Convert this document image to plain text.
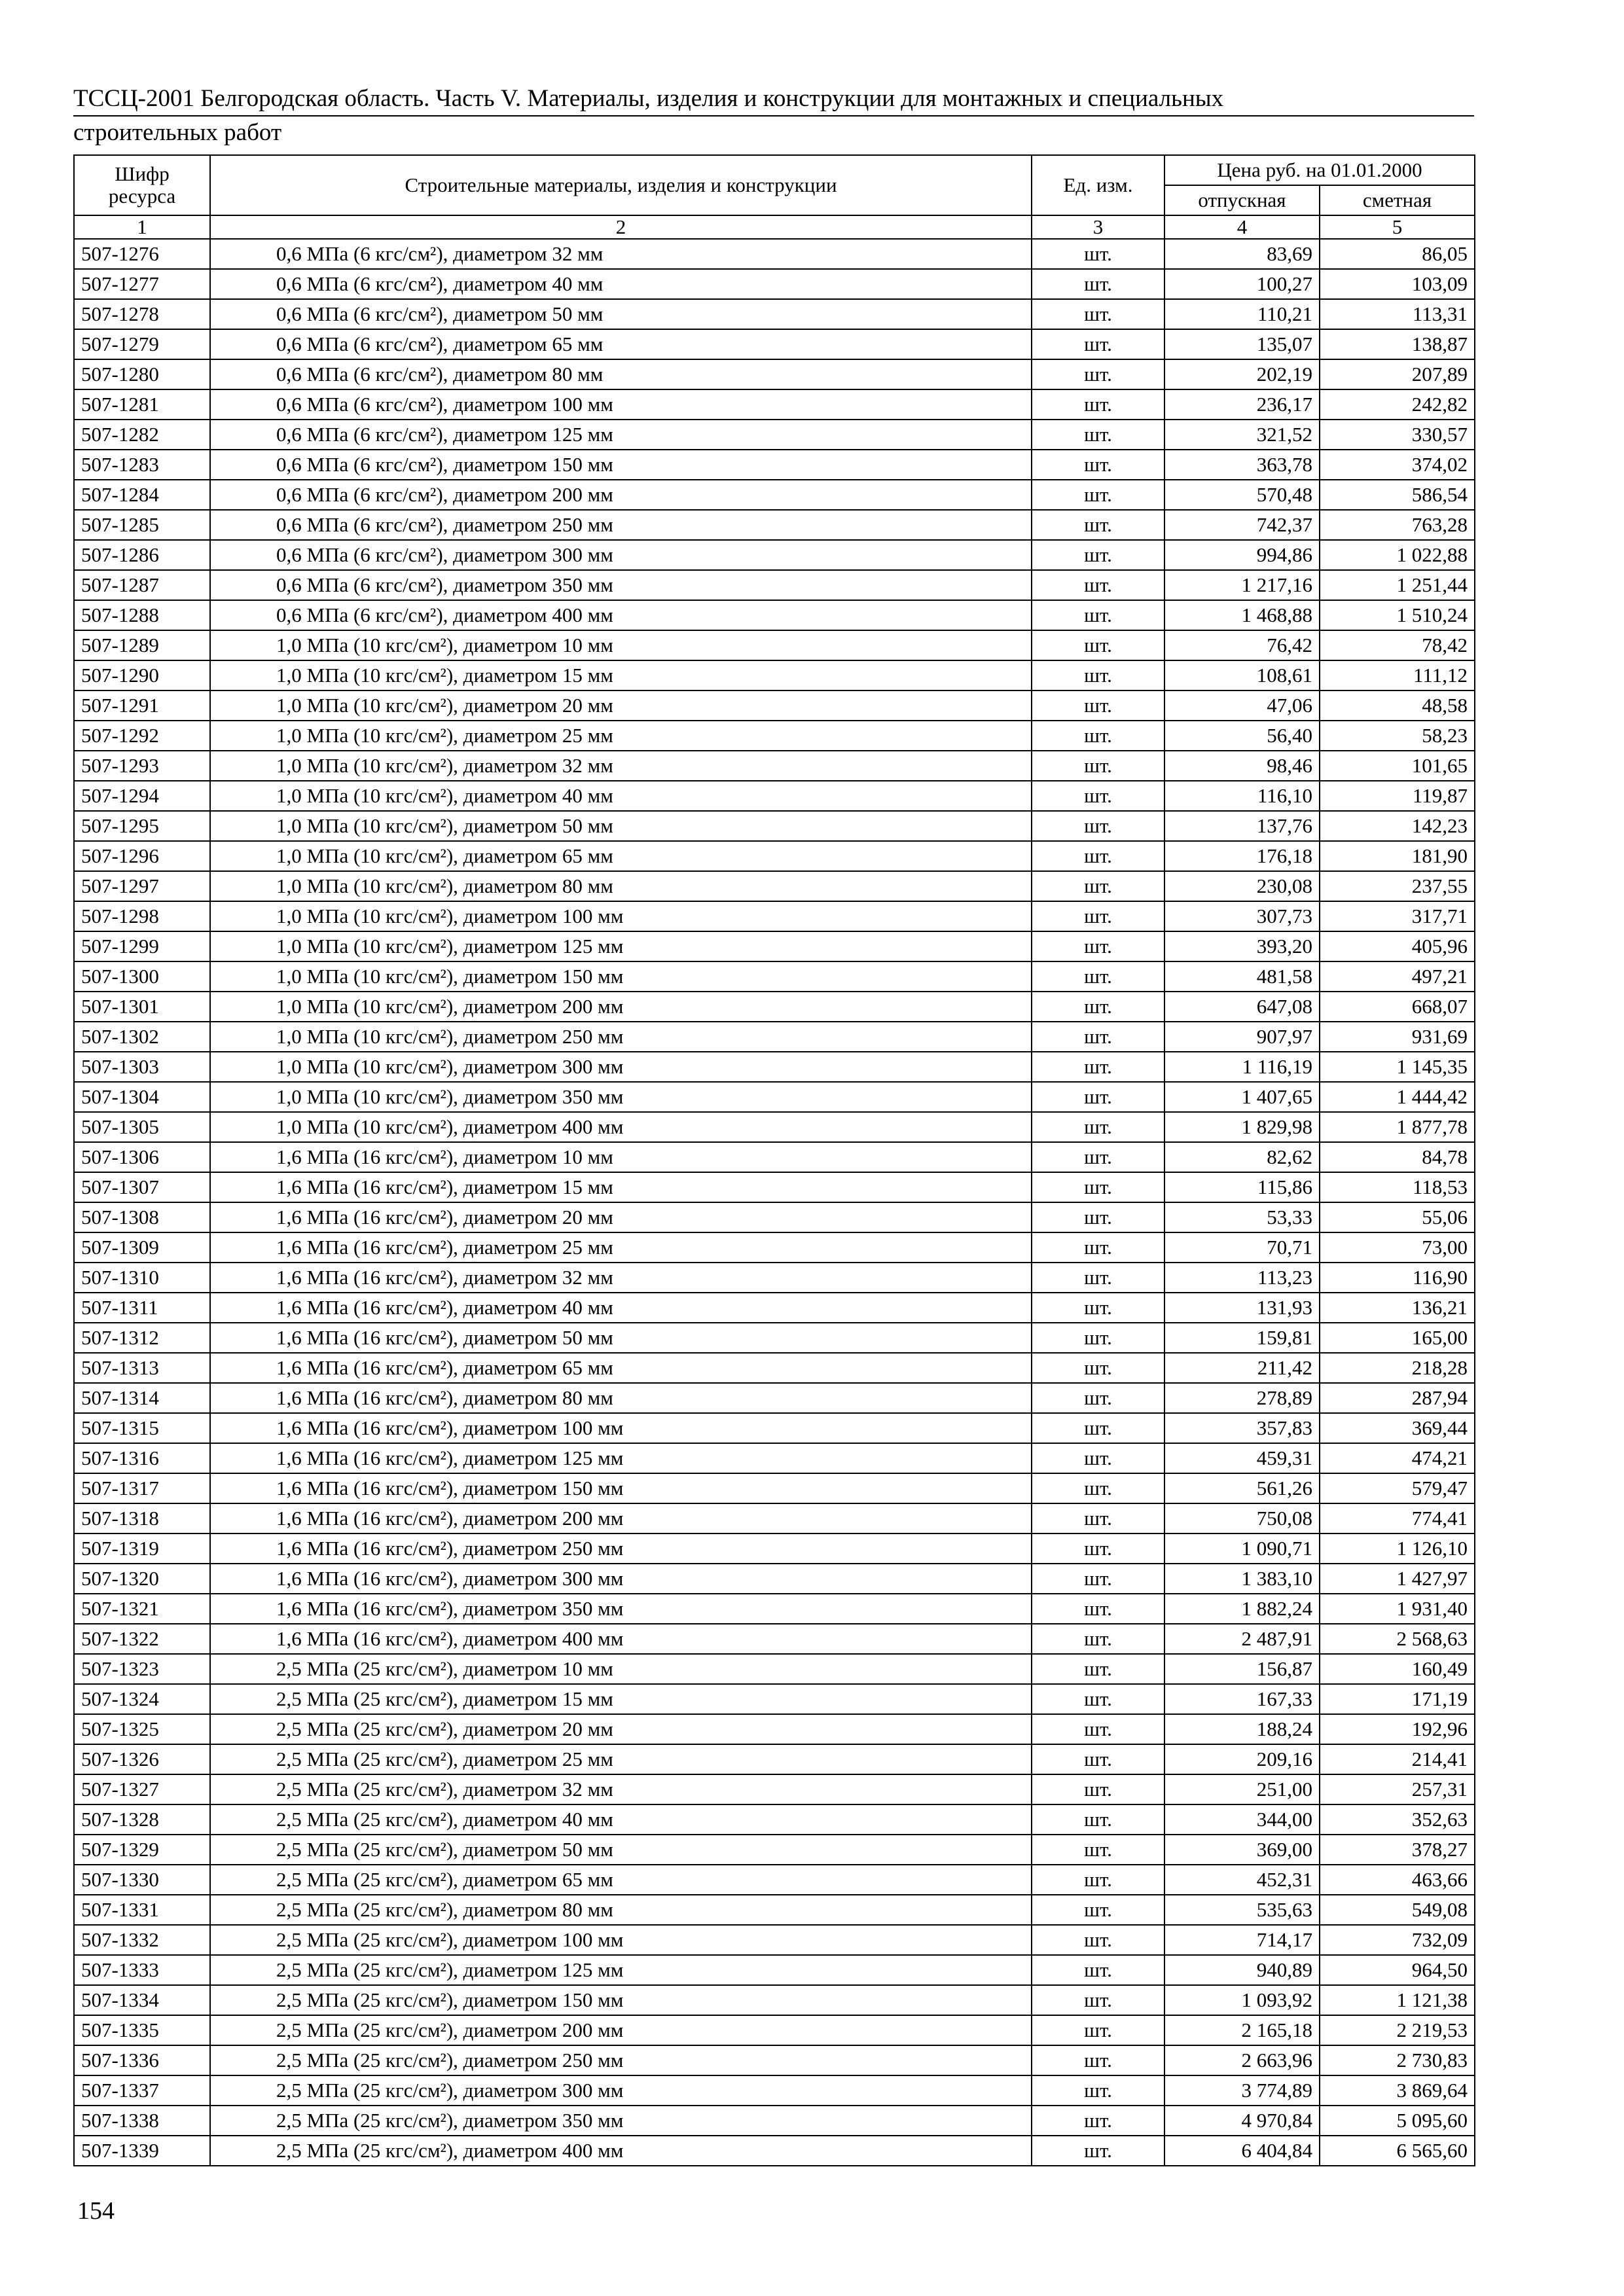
ТССЦ-2001 Белгородская область. Часть V. Материалы, изделия и конструкции для монтажных и специальных
строительных работ
Шифр ресурса	Строительные материалы, изделия и конструкции	Ед. изм.	Цена руб. на 01.01.2000	
			отпускная	сметная
1	2	3	4	5
507-1276	0,6 МПа (6 кгс/см²), диаметром 32 мм	шт.	83,69	86,05
507-1277	0,6 МПа (6 кгс/см²), диаметром 40 мм	шт.	100,27	103,09
507-1278	0,6 МПа (6 кгс/см²), диаметром 50 мм	шт.	110,21	113,31
507-1279	0,6 МПа (6 кгс/см²), диаметром 65 мм	шт.	135,07	138,87
507-1280	0,6 МПа (6 кгс/см²), диаметром 80 мм	шт.	202,19	207,89
507-1281	0,6 МПа (6 кгс/см²), диаметром 100 мм	шт.	236,17	242,82
507-1282	0,6 МПа (6 кгс/см²), диаметром 125 мм	шт.	321,52	330,57
507-1283	0,6 МПа (6 кгс/см²), диаметром 150 мм	шт.	363,78	374,02
507-1284	0,6 МПа (6 кгс/см²), диаметром 200 мм	шт.	570,48	586,54
507-1285	0,6 МПа (6 кгс/см²), диаметром 250 мм	шт.	742,37	763,28
507-1286	0,6 МПа (6 кгс/см²), диаметром 300 мм	шт.	994,86	1 022,88
507-1287	0,6 МПа (6 кгс/см²), диаметром 350 мм	шт.	1 217,16	1 251,44
507-1288	0,6 МПа (6 кгс/см²), диаметром 400 мм	шт.	1 468,88	1 510,24
507-1289	1,0 МПа (10 кгс/см²), диаметром 10 мм	шт.	76,42	78,42
507-1290	1,0 МПа (10 кгс/см²), диаметром 15 мм	шт.	108,61	111,12
507-1291	1,0 МПа (10 кгс/см²), диаметром 20 мм	шт.	47,06	48,58
507-1292	1,0 МПа (10 кгс/см²), диаметром 25 мм	шт.	56,40	58,23
507-1293	1,0 МПа (10 кгс/см²), диаметром 32 мм	шт.	98,46	101,65
507-1294	1,0 МПа (10 кгс/см²), диаметром 40 мм	шт.	116,10	119,87
507-1295	1,0 МПа (10 кгс/см²), диаметром 50 мм	шт.	137,76	142,23
507-1296	1,0 МПа (10 кгс/см²), диаметром 65 мм	шт.	176,18	181,90
507-1297	1,0 МПа (10 кгс/см²), диаметром 80 мм	шт.	230,08	237,55
507-1298	1,0 МПа (10 кгс/см²), диаметром 100 мм	шт.	307,73	317,71
507-1299	1,0 МПа (10 кгс/см²), диаметром 125 мм	шт.	393,20	405,96
507-1300	1,0 МПа (10 кгс/см²), диаметром 150 мм	шт.	481,58	497,21
507-1301	1,0 МПа (10 кгс/см²), диаметром 200 мм	шт.	647,08	668,07
507-1302	1,0 МПа (10 кгс/см²), диаметром 250 мм	шт.	907,97	931,69
507-1303	1,0 МПа (10 кгс/см²), диаметром 300 мм	шт.	1 116,19	1 145,35
507-1304	1,0 МПа (10 кгс/см²), диаметром 350 мм	шт.	1 407,65	1 444,42
507-1305	1,0 МПа (10 кгс/см²), диаметром 400 мм	шт.	1 829,98	1 877,78
507-1306	1,6 МПа (16 кгс/см²), диаметром 10 мм	шт.	82,62	84,78
507-1307	1,6 МПа (16 кгс/см²), диаметром 15 мм	шт.	115,86	118,53
507-1308	1,6 МПа (16 кгс/см²), диаметром 20 мм	шт.	53,33	55,06
507-1309	1,6 МПа (16 кгс/см²), диаметром 25 мм	шт.	70,71	73,00
507-1310	1,6 МПа (16 кгс/см²), диаметром 32 мм	шт.	113,23	116,90
507-1311	1,6 МПа (16 кгс/см²), диаметром 40 мм	шт.	131,93	136,21
507-1312	1,6 МПа (16 кгс/см²), диаметром 50 мм	шт.	159,81	165,00
507-1313	1,6 МПа (16 кгс/см²), диаметром 65 мм	шт.	211,42	218,28
507-1314	1,6 МПа (16 кгс/см²), диаметром 80 мм	шт.	278,89	287,94
507-1315	1,6 МПа (16 кгс/см²), диаметром 100 мм	шт.	357,83	369,44
507-1316	1,6 МПа (16 кгс/см²), диаметром 125 мм	шт.	459,31	474,21
507-1317	1,6 МПа (16 кгс/см²), диаметром 150 мм	шт.	561,26	579,47
507-1318	1,6 МПа (16 кгс/см²), диаметром 200 мм	шт.	750,08	774,41
507-1319	1,6 МПа (16 кгс/см²), диаметром 250 мм	шт.	1 090,71	1 126,10
507-1320	1,6 МПа (16 кгс/см²), диаметром 300 мм	шт.	1 383,10	1 427,97
507-1321	1,6 МПа (16 кгс/см²), диаметром 350 мм	шт.	1 882,24	1 931,40
507-1322	1,6 МПа (16 кгс/см²), диаметром 400 мм	шт.	2 487,91	2 568,63
507-1323	2,5 МПа (25 кгс/см²), диаметром 10 мм	шт.	156,87	160,49
507-1324	2,5 МПа (25 кгс/см²), диаметром 15 мм	шт.	167,33	171,19
507-1325	2,5 МПа (25 кгс/см²), диаметром 20 мм	шт.	188,24	192,96
507-1326	2,5 МПа (25 кгс/см²), диаметром 25 мм	шт.	209,16	214,41
507-1327	2,5 МПа (25 кгс/см²), диаметром 32 мм	шт.	251,00	257,31
507-1328	2,5 МПа (25 кгс/см²), диаметром 40 мм	шт.	344,00	352,63
507-1329	2,5 МПа (25 кгс/см²), диаметром 50 мм	шт.	369,00	378,27
507-1330	2,5 МПа (25 кгс/см²), диаметром 65 мм	шт.	452,31	463,66
507-1331	2,5 МПа (25 кгс/см²), диаметром 80 мм	шт.	535,63	549,08
507-1332	2,5 МПа (25 кгс/см²), диаметром 100 мм	шт.	714,17	732,09
507-1333	2,5 МПа (25 кгс/см²), диаметром 125 мм	шт.	940,89	964,50
507-1334	2,5 МПа (25 кгс/см²), диаметром 150 мм	шт.	1 093,92	1 121,38
507-1335	2,5 МПа (25 кгс/см²), диаметром 200 мм	шт.	2 165,18	2 219,53
507-1336	2,5 МПа (25 кгс/см²), диаметром 250 мм	шт.	2 663,96	2 730,83
507-1337	2,5 МПа (25 кгс/см²), диаметром 300 мм	шт.	3 774,89	3 869,64
507-1338	2,5 МПа (25 кгс/см²), диаметром 350 мм	шт.	4 970,84	5 095,60
507-1339	2,5 МПа (25 кгс/см²), диаметром 400 мм	шт.	6 404,84	6 565,60
154
